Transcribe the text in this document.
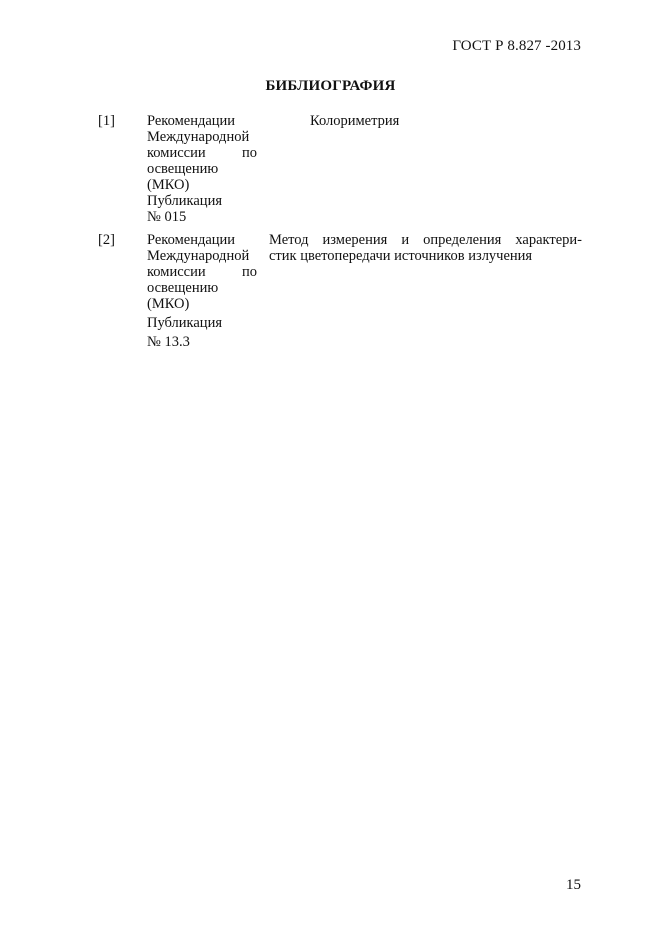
ГОСТ Р 8.827 -2013
БИБЛИОГРАФИЯ
[1] Рекомендации
Международной
комиссии	по
освещению
(МКО)
Публикация
№ 015
Колориметрия
[2] Рекомендации
Международной
комиссии	по
освещению
(МКО)
Публикация
№ 13.3
Метод измерения и определения характери-
стик цветопередачи источников излучения
15
